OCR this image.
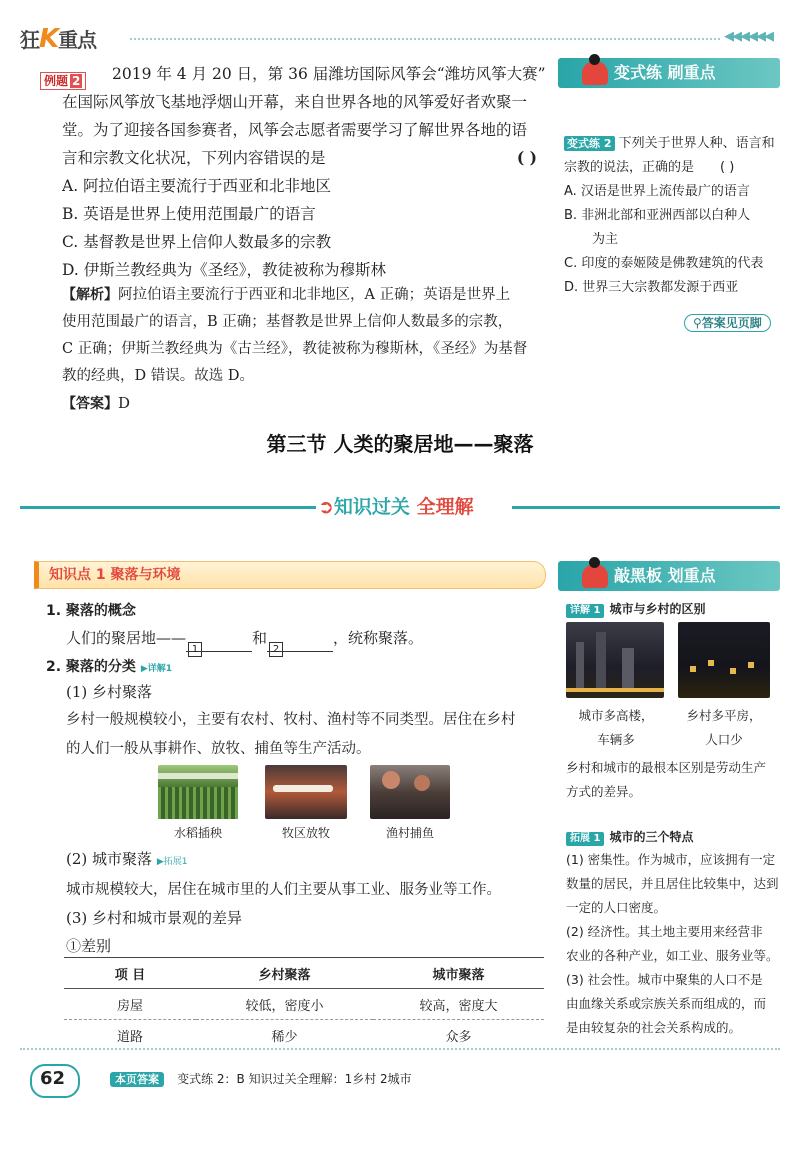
狂K重点	◀◀◀◀◀◀
例题 2	2019 年 4 月 20 日，第 36 届潍坊国际风筝会“潍坊风筝大赛”
在国际风筝放飞基地浮烟山开幕，来自世界各地的风筝爱好者欢聚一
堂。为了迎接各国参赛者，风筝会志愿者需要学习了解世界各地的语
言和宗教文化状况，下列内容错误的是	( )
A. 阿拉伯语主要流行于西亚和北非地区
B. 英语是世界上使用范围最广的语言
C. 基督教是世界上信仰人数最多的宗教
D. 伊斯兰教经典为《圣经》，教徒被称为穆斯林
【解析】阿拉伯语主要流行于西亚和北非地区，A 正确；英语是世界上
使用范围最广的语言，B 正确；基督教是世界上信仰人数最多的宗教，
C 正确；伊斯兰教经典为《古兰经》，教徒被称为穆斯林，《圣经》为基督
教的经典，D 错误。故选 D。
【答案】D
变式练 刷重点
变式练 2 下列关于世界人种、语言和
宗教的说法，正确的是 ( )
A. 汉语是世界上流传最广的语言
B. 非洲北部和亚洲西部以白种人
为主
C. 印度的泰姬陵是佛教建筑的代表
D. 世界三大宗教都发源于西亚
⚲答案见页脚
第三节 人类的聚居地——聚落
➲知识过关 全理解
知识点 1 聚落与环境
1. 聚落的概念
人们的聚居地——1和2，统称聚落。
2. 聚落的分类 ▶详解1
(1) 乡村聚落
乡村一般规模较小，主要有农村、牧村、渔村等不同类型。居住在乡村
的人们一般从事耕作、放牧、捕鱼等生产活动。
水稻插秧	牧区放牧	渔村捕鱼
(2) 城市聚落 ▶拓展1
城市规模较大，居住在城市里的人们主要从事工业、服务业等工作。
(3) 乡村和城市景观的差异
①差别
项 目	乡村聚落	城市聚落
房屋	较低，密度小	较高，密度大
道路	稀少	众多
敲黑板 划重点
详解 1 城市与乡村的区别
城市多高楼，
车辆多
乡村多平房，
人口少
乡村和城市的最根本区别是劳动生产
方式的差异。
拓展 1 城市的三个特点
(1) 密集性。作为城市，应该拥有一定
数量的居民，并且居住比较集中，达到
一定的人口密度。
(2) 经济性。其土地主要用来经营非
农业的各种产业，如工业、服务业等。
(3) 社会性。城市中聚集的人口不是
由血缘关系或宗族关系而组成的，而
是由较复杂的社会关系构成的。
62	本页答案 变式练 2：B 知识过关全理解：1乡村 2城市
